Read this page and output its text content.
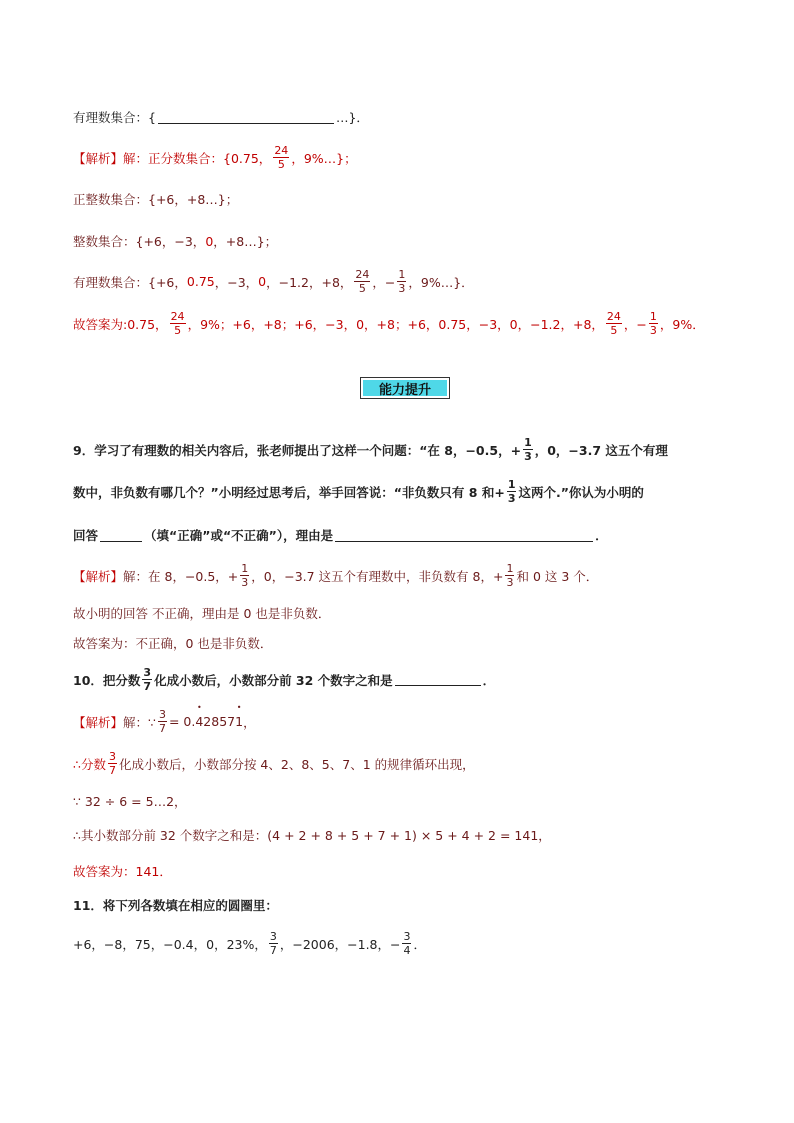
有理数集合：{	…}．
【解析】 解：正分数集合：{0.75， $\frac{24}{5}$ ，9%…}；
正整数集合：{+6，+8…}；
整数集合：{+6，−3， 0 ，+8…}；
有理数集合：{+6， 0.75 ，−3， 0 ，−1.2，+8， $\frac{24}{5}$ ，− $\frac{1}{3}$ ，9%…}．
故答案为: 0.75， $\frac{24}{5}$ ，9%；+6，+8；+6，−3，0，+8；+6，0.75，−3，0，−1.2，+8， $\frac{24}{5}$ ，− $\frac{1}{3}$ ，9%．
能力提升
9．学习了有理数的相关内容后，张老师提出了这样一个问题：“在 8，−0.5，+ $\frac{1}{3}$ ，0，−3.7 这五个有理
数中，非负数有哪几个？”小明经过思考后，举手回答说：“非负数只有 8 和+ $\frac{1}{3}$ 这两个.”你认为小明的
回答	（填“正确”或“不正确”），理由是	．
【解析】 解：在 8，−0.5，+ $\frac{1}{3}$ ，0，−3.7 这五个有理数中，非负数有 8，+ $\frac{1}{3}$ 和 0 这 3 个．
故小明的回答 不正确，理由是 0 也是非负数．
故答案为：不正确，0 也是非负数．
10．把分数 $\frac{3}{7}$ 化成小数后，小数部分前 32 个数字之和是	．
【解析】 解：∵ $\frac{3}{7} = 0$. • 4 2857 • 1 ，
∴分数 $\frac{3}{7}$ 化成小数后，小数部分按 4、2、8、5、7、1 的规律循环出现，
∵ 32 ÷ 6 = 5…2，
∴其小数部分前 32 个数字之和是：(4 + 2 + 8 + 5 + 7 + 1) × 5 + 4 + 2 = 141，
故答案为：141．
11．将下列各数填在相应的圆圈里：
+6，−8，75，−0.4，0，23%， $\frac{3}{7}$ ，−2006，−1.8，− $\frac{3}{4}$ ．
